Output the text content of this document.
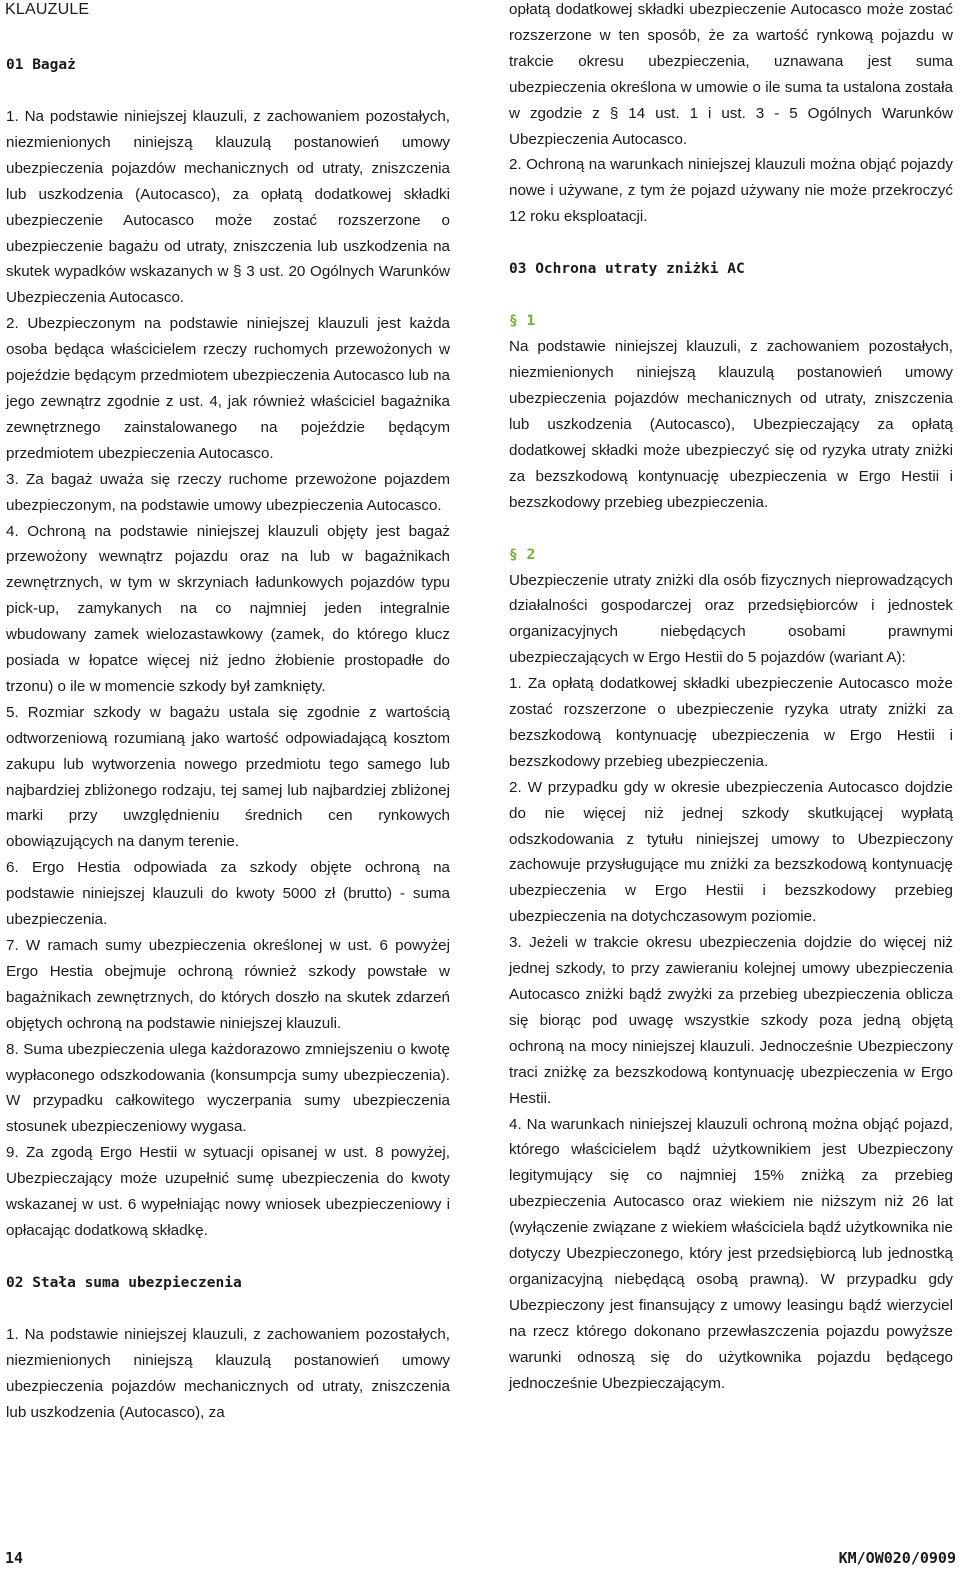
KLAUZULE

01 Bagaż

1. Na podstawie niniejszej klauzuli, z zachowaniem pozostałych, niezmienionych niniejszą klauzulą postanowień umowy ubezpieczenia pojazdów mechanicznych od utraty, zniszczenia lub uszkodzenia (Autocasco), za opłatą dodatkowej składki ubezpieczenie Autocasco może zostać rozszerzone o ubezpieczenie bagażu od utraty, zniszczenia lub uszkodzenia na skutek wypadków wskazanych w § 3 ust. 20 Ogólnych Warunków Ubezpieczenia Autocasco.

2. Ubezpieczonym na podstawie niniejszej klauzuli jest każda osoba będąca właścicielem rzeczy ruchomych przewożonych w pojeździe będącym przedmiotem ubezpieczenia Autocasco lub na jego zewnątrz zgodnie z ust. 4, jak również właściciel bagażnika zewnętrznego zainstalowanego na pojeździe będącym przedmiotem ubezpieczenia Autocasco.

3. Za bagaż uważa się rzeczy ruchome przewożone pojazdem ubezpieczonym, na podstawie umowy ubezpieczenia Autocasco.

4. Ochroną na podstawie niniejszej klauzuli objęty jest bagaż przewożony wewnątrz pojazdu oraz na lub w bagażnikach zewnętrznych, w tym w skrzyniach ładunkowych pojazdów typu pick-up, zamykanych na co najmniej jeden integralnie wbudowany zamek wielozastawkowy (zamek, do którego klucz posiada w łopatce więcej niż jedno żłobienie prostopadłe do trzonu) o ile w momencie szkody był zamknięty.

5. Rozmiar szkody w bagażu ustala się zgodnie z wartością odtworzeniową rozumianą jako wartość odpowiadającą kosztom zakupu lub wytworzenia nowego przedmiotu tego samego lub najbardziej zbliżonego rodzaju, tej samej lub najbardziej zbliżonej marki przy uwzględnieniu średnich cen rynkowych obowiązujących na danym terenie.

6. Ergo Hestia odpowiada za szkody objęte ochroną na podstawie niniejszej klauzuli do kwoty 5000 zł (brutto) - suma ubezpieczenia.

7. W ramach sumy ubezpieczenia określonej w ust. 6 powyżej Ergo Hestia obejmuje ochroną również szkody powstałe w bagażnikach zewnętrznych, do których doszło na skutek zdarzeń objętych ochroną na podstawie niniejszej klauzuli.

8. Suma ubezpieczenia ulega każdorazowo zmniejszeniu o kwotę wypłaconego odszkodowania (konsumpcja sumy ubezpieczenia). W przypadku całkowitego wyczerpania sumy ubezpieczenia stosunek ubezpieczeniowy wygasa.

9. Za zgodą Ergo Hestii w sytuacji opisanej w ust. 8 powyżej, Ubezpieczający może uzupełnić sumę ubezpieczenia do kwoty wskazanej w ust. 6 wypełniając nowy wniosek ubezpieczeniowy i opłacając dodatkową składkę.

02 Stała suma ubezpieczenia

1. Na podstawie niniejszej klauzuli, z zachowaniem pozostałych, niezmienionych niniejszą klauzulą postanowień umowy ubezpieczenia pojazdów mechanicznych od utraty, zniszczenia lub uszkodzenia (Autocasco), za

opłatą dodatkowej składki ubezpieczenie Autocasco może zostać rozszerzone w ten sposób, że za wartość rynkową pojazdu w trakcie okresu ubezpieczenia, uznawana jest suma ubezpieczenia określona w umowie o ile suma ta ustalona została w zgodzie z § 14 ust. 1 i ust. 3 - 5 Ogólnych Warunków Ubezpieczenia Autocasco.

2. Ochroną na warunkach niniejszej klauzuli można objąć pojazdy nowe i używane, z tym że pojazd używany nie może przekroczyć 12 roku eksploatacji.

03 Ochrona utraty zniżki AC

§ 1

Na podstawie niniejszej klauzuli, z zachowaniem pozostałych, niezmienionych niniejszą klauzulą postanowień umowy ubezpieczenia pojazdów mechanicznych od utraty, zniszczenia lub uszkodzenia (Autocasco), Ubezpieczający za opłatą dodatkowej składki może ubezpieczyć się od ryzyka utraty zniżki za bezszkodową kontynuację ubezpieczenia w Ergo Hestii i bezszkodowy przebieg ubezpieczenia.

§ 2

Ubezpieczenie utraty zniżki dla osób fizycznych nieprowadzących działalności gospodarczej oraz przedsiębiorców i jednostek organizacyjnych niebędących osobami prawnymi ubezpieczających w Ergo Hestii do 5 pojazdów (wariant A):

1. Za opłatą dodatkowej składki ubezpieczenie Autocasco może zostać rozszerzone o ubezpieczenie ryzyka utraty zniżki za bezszkodową kontynuację ubezpieczenia w Ergo Hestii i bezszkodowy przebieg ubezpieczenia.

2. W przypadku gdy w okresie ubezpieczenia Autocasco dojdzie do nie więcej niż jednej szkody skutkującej wypłatą odszkodowania z tytułu niniejszej umowy to Ubezpieczony zachowuje przysługujące mu zniżki za bezszkodową kontynuację ubezpieczenia w Ergo Hestii i bezszkodowy przebieg ubezpieczenia na dotychczasowym poziomie.

3. Jeżeli w trakcie okresu ubezpieczenia dojdzie do więcej niż jednej szkody, to przy zawieraniu kolejnej umowy ubezpieczenia Autocasco zniżki bądź zwyżki za przebieg ubezpieczenia oblicza się biorąc pod uwagę wszystkie szkody poza jedną objętą ochroną na mocy niniejszej klauzuli. Jednocześnie Ubezpieczony traci zniżkę za bezszkodową kontynuację ubezpieczenia w Ergo Hestii.

4. Na warunkach niniejszej klauzuli ochroną można objąć pojazd, którego właścicielem bądź użytkownikiem jest Ubezpieczony legitymujący się co najmniej 15% zniżką za przebieg ubezpieczenia Autocasco oraz wiekiem nie niższym niż 26 lat (wyłączenie związane z wiekiem właściciela bądź użytkownika nie dotyczy Ubezpieczonego, który jest przedsiębiorcą lub jednostką organizacyjną niebędącą osobą prawną). W przypadku gdy Ubezpieczony jest finansujący z umowy leasingu bądź wierzyciel na rzecz którego dokonano przewłaszczenia pojazdu powyższe warunki odnoszą się do użytkownika pojazdu będącego jednocześnie Ubezpieczającym.

14	KM/OW020/0909
